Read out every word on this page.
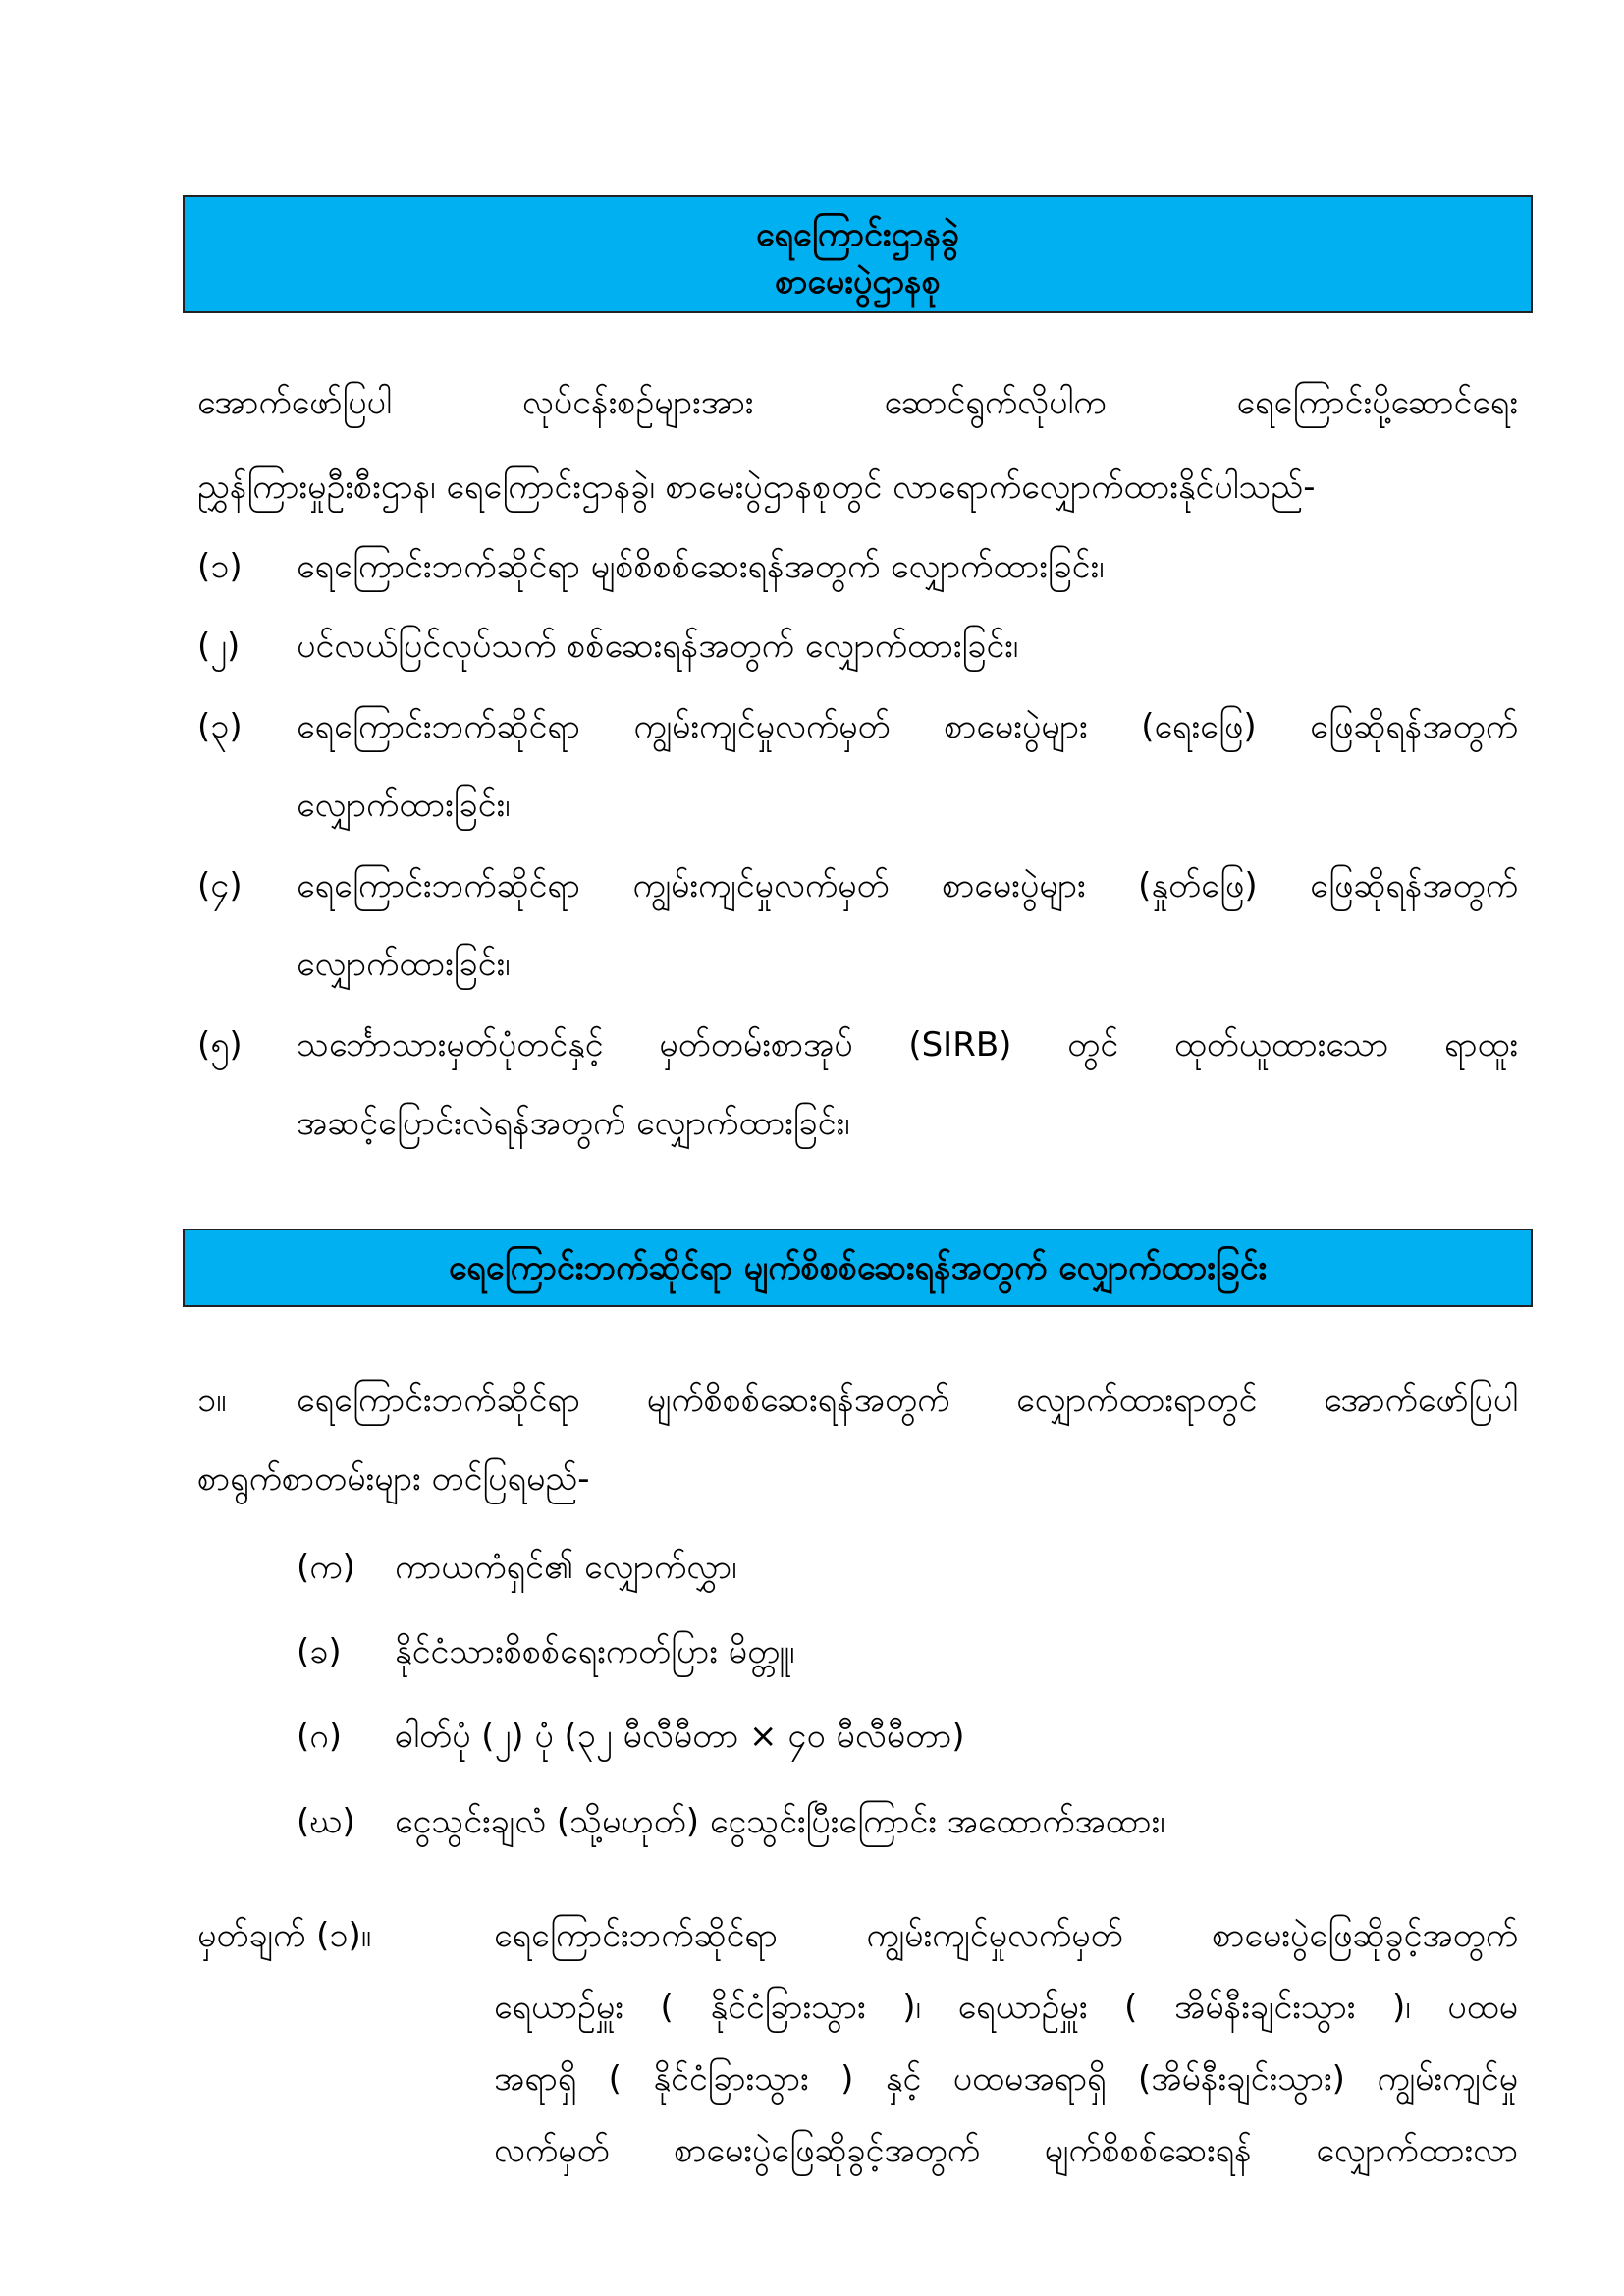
ရေကြောင်းဌာနခွဲ
စာမေးပွဲဌာနစု
အောက်ဖော်ပြပါ	လုပ်ငန်းစဉ်များအား	ဆောင်ရွက်လိုပါက	ရေကြောင်းပို့ဆောင်ရေး
ညွှန်ကြားမှုဦးစီးဌာန၊ ရေကြောင်းဌာနခွဲ၊ စာမေးပွဲဌာနစုတွင် လာရောက်လျှောက်ထားနိုင်ပါသည်-
(၁) ရေကြောင်းဘက်ဆိုင်ရာ မျစ်စိစစ်ဆေးရန်အတွက် လျှောက်ထားခြင်း၊
(၂) ပင်လယ်ပြင်လုပ်သက် စစ်ဆေးရန်အတွက် လျှောက်ထားခြင်း၊
(၃) ရေကြောင်းဘက်ဆိုင်ရာ ကျွမ်းကျင်မှုလက်မှတ် စာမေးပွဲများ (ရေးဖြေ) ဖြေဆိုရန်အတွက်
လျှောက်ထားခြင်း၊
(၄) ရေကြောင်းဘက်ဆိုင်ရာ ကျွမ်းကျင်မှုလက်မှတ် စာမေးပွဲများ (နှုတ်ဖြေ) ဖြေဆိုရန်အတွက်
လျှောက်ထားခြင်း၊
(၅) သင်္ဘောသားမှတ်ပုံတင်နှင့် မှတ်တမ်းစာအုပ် (SIRB) တွင် ထုတ်ယူထားသော ရာထူး
အဆင့်ပြောင်းလဲရန်အတွက် လျှောက်ထားခြင်း၊
ရေကြောင်းဘက်ဆိုင်ရာ မျက်စိစစ်ဆေးရန်အတွက် လျှောက်ထားခြင်း
၁။ ရေကြောင်းဘက်ဆိုင်ရာ မျက်စိစစ်ဆေးရန်အတွက် လျှောက်ထားရာတွင် အောက်ဖော်ပြပါ
စာရွက်စာတမ်းများ တင်ပြရမည်-
(က) ကာယကံရှင်၏ လျှောက်လွှာ၊
(ခ) နိုင်ငံသားစိစစ်ရေးကတ်ပြား မိတ္တူ၊
(ဂ) ဓါတ်ပုံ (၂) ပုံ (၃၂ မီလီမီတာ × ၄၀ မီလီမီတာ)
(ဃ) ငွေသွင်းချလံ (သို့မဟုတ်) ငွေသွင်းပြီးကြောင်း အထောက်အထား၊
မှတ်ချက် (၁)။	ရေကြောင်းဘက်ဆိုင်ရာ ကျွမ်းကျင်မှုလက်မှတ် စာမေးပွဲဖြေဆိုခွင့်အတွက်
ရေယာဉ်မှူး ( နိုင်ငံခြားသွား )၊ ရေယာဉ်မှူး ( အိမ်နီးချင်းသွား )၊ ပထမ
အရာရှိ ( နိုင်ငံခြားသွား ) နှင့် ပထမအရာရှိ (အိမ်နီးချင်းသွား) ကျွမ်းကျင်မှု
လက်မှတ် စာမေးပွဲဖြေဆိုခွင့်အတွက် မျက်စိစစ်ဆေးရန် လျှောက်ထားလာ
